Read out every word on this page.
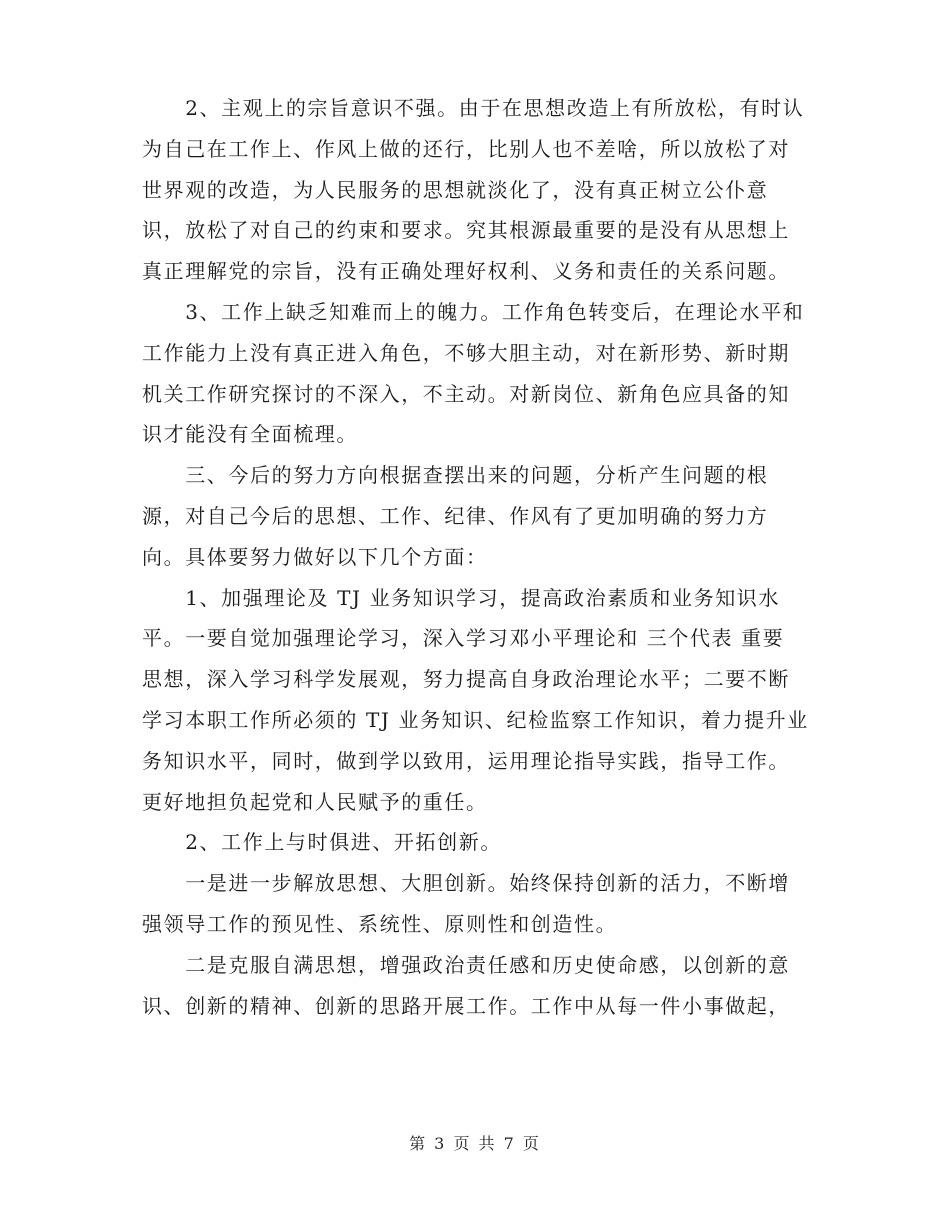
　　2、主观上的宗旨意识不强。由于在思想改造上有所放松，有时认
为自己在工作上、作风上做的还行，比别人也不差啥，所以放松了对
世界观的改造，为人民服务的思想就淡化了，没有真正树立公仆意
识，放松了对自己的约束和要求。究其根源最重要的是没有从思想上
真正理解党的宗旨，没有正确处理好权利、义务和责任的关系问题。
　　3、工作上缺乏知难而上的魄力。工作角色转变后，在理论水平和
工作能力上没有真正进入角色，不够大胆主动，对在新形势、新时期
机关工作研究探讨的不深入，不主动。对新岗位、新角色应具备的知
识才能没有全面梳理。
　　三、今后的努力方向根据查摆出来的问题，分析产生问题的根
源，对自己今后的思想、工作、纪律、作风有了更加明确的努力方
向。具体要努力做好以下几个方面：
　　1、加强理论及 TJ 业务知识学习，提高政治素质和业务知识水
平。一要自觉加强理论学习，深入学习邓小平理论和 三个代表 重要
思想，深入学习科学发展观，努力提高自身政治理论水平；二要不断
学习本职工作所必须的 TJ 业务知识、纪检监察工作知识，着力提升业
务知识水平，同时，做到学以致用，运用理论指导实践，指导工作。
更好地担负起党和人民赋予的重任。
　　2、工作上与时俱进、开拓创新。
　　一是进一步解放思想、大胆创新。始终保持创新的活力，不断增
强领导工作的预见性、系统性、原则性和创造性。
　　二是克服自满思想，增强政治责任感和历史使命感，以创新的意
识、创新的精神、创新的思路开展工作。工作中从每一件小事做起，
第 3 页 共 7 页
